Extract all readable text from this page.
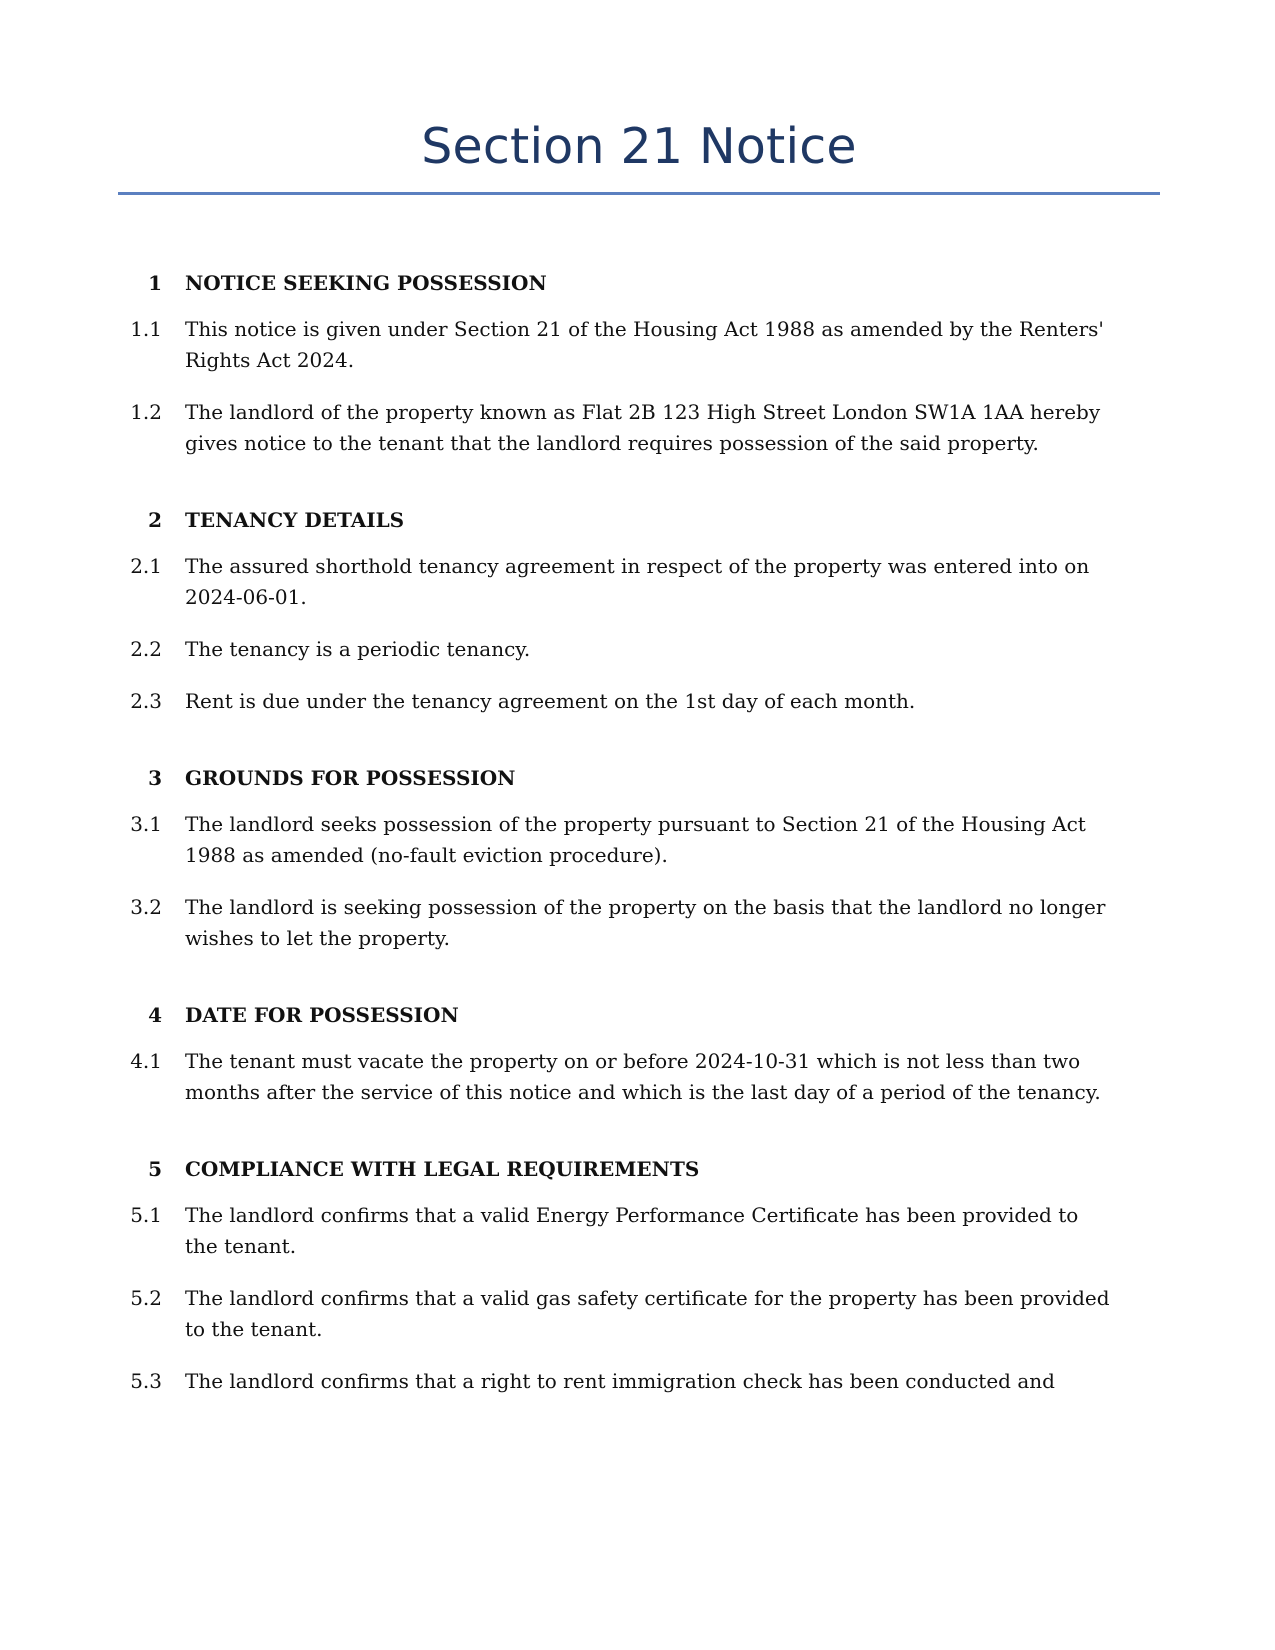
Section 21 Notice
1	NOTICE SEEKING POSSESSION
1.1	This notice is given under Section 21 of the Housing Act 1988 as amended by the Renters' Rights Act 2024.
1.2	The landlord of the property known as Flat 2B 123 High Street London SW1A 1AA hereby gives notice to the tenant that the landlord requires possession of the said property.
2	TENANCY DETAILS
2.1	The assured shorthold tenancy agreement in respect of the property was entered into on 2024-06-01.
2.2	The tenancy is a periodic tenancy.
2.3	Rent is due under the tenancy agreement on the 1st day of each month.
3	GROUNDS FOR POSSESSION
3.1	The landlord seeks possession of the property pursuant to Section 21 of the Housing Act 1988 as amended (no-fault eviction procedure).
3.2	The landlord is seeking possession of the property on the basis that the landlord no longer wishes to let the property.
4	DATE FOR POSSESSION
4.1	The tenant must vacate the property on or before 2024-10-31 which is not less than two months after the service of this notice and which is the last day of a period of the tenancy.
5	COMPLIANCE WITH LEGAL REQUIREMENTS
5.1	The landlord confirms that a valid Energy Performance Certificate has been provided to the tenant.
5.2	The landlord confirms that a valid gas safety certificate for the property has been provided to the tenant.
5.3	The landlord confirms that a right to rent immigration check has been conducted and
